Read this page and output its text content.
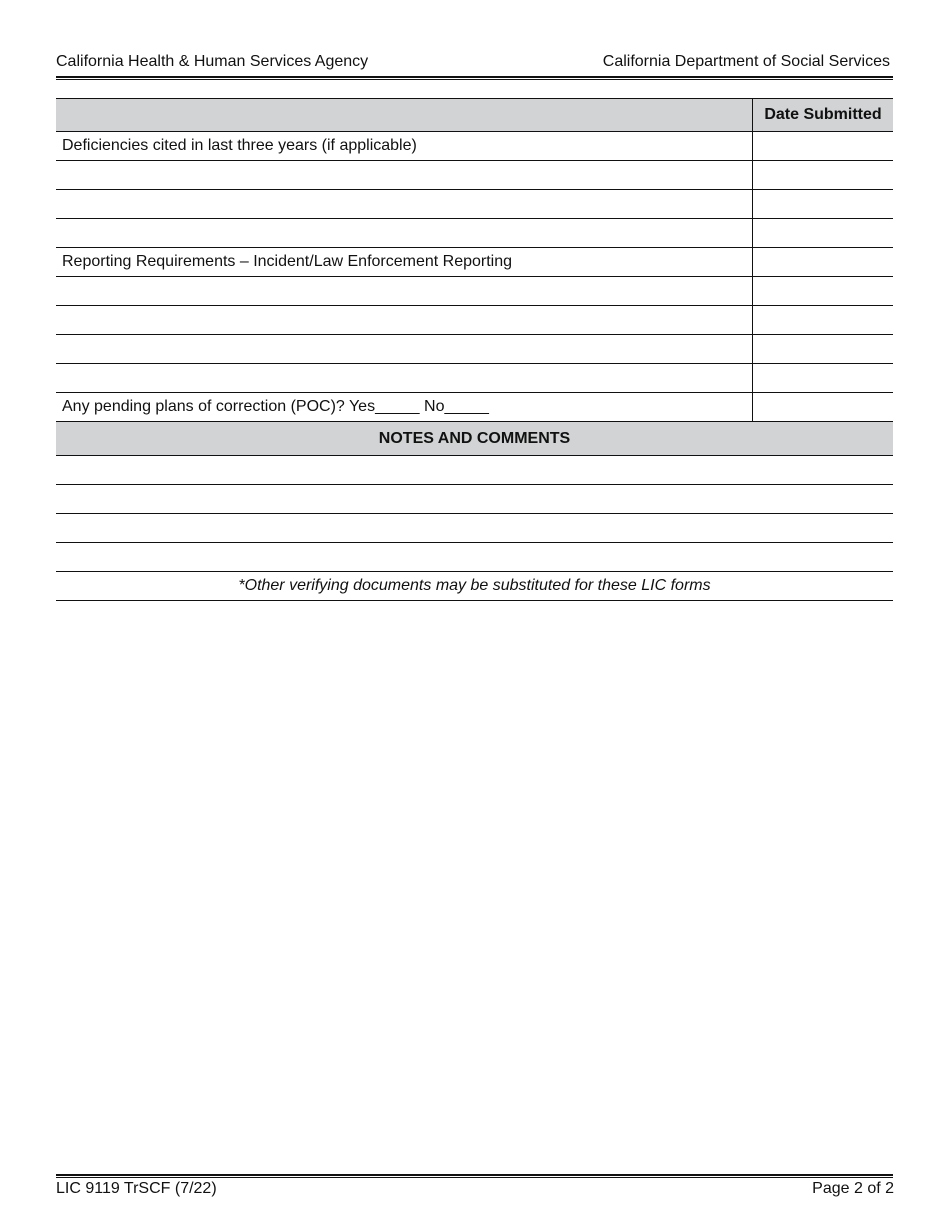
California Health & Human Services Agency	California Department of Social Services
	Date Submitted
Deficiencies cited in last three years (if applicable)	

Reporting Requirements – Incident/Law Enforcement Reporting	

Any pending plans of correction (POC)? Yes_____ No_____	
NOTES AND COMMENTS	

*Other verifying documents may be substituted for these LIC forms	
LIC 9119 TrSCF (7/22)	Page 2 of 2
